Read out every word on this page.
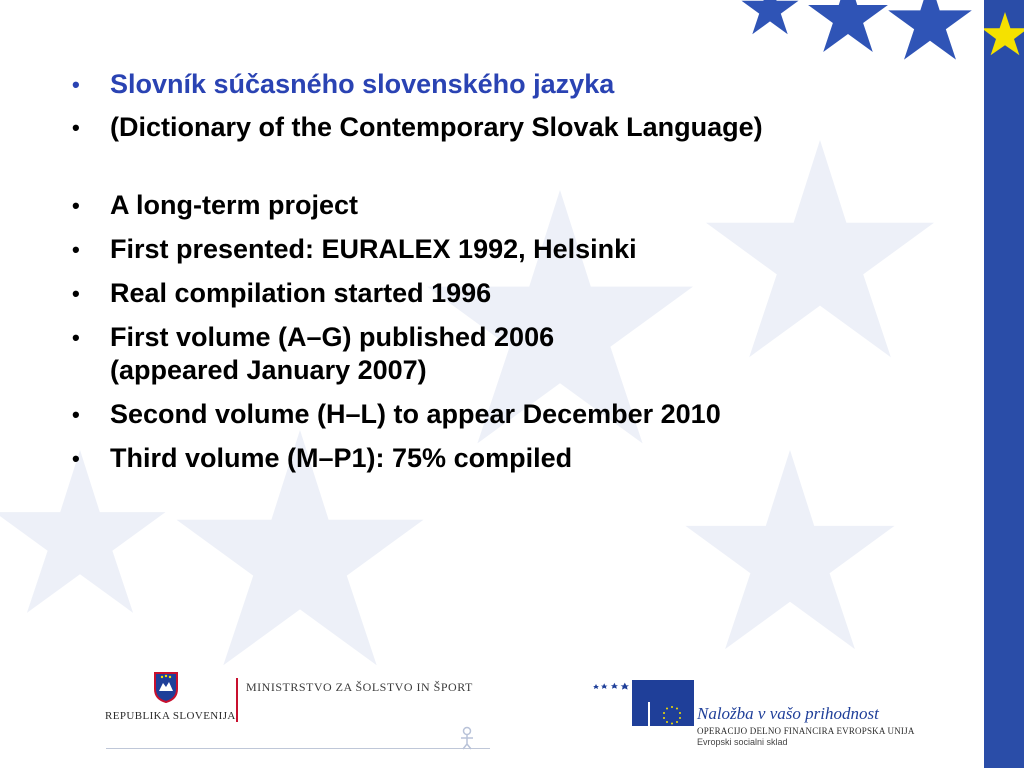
• Slovník súčasného slovenského jazyka
• (Dictionary of the Contemporary Slovak Language)
• A long-term project
• First presented: EURALEX 1992, Helsinki
• Real compilation started 1996
• First volume (A–G) published 2006
(appeared January 2007)
• Second volume (H–L) to appear December 2010
• Third volume (M–P1): 75% compiled
REPUBLIKA SLOVENIJA
MINISTRSTVO ZA ŠOLSTVO IN ŠPORT
Naložba v vašo prihodnost
OPERACIJO DELNO FINANCIRA EVROPSKA UNIJA
Evropski socialni sklad
